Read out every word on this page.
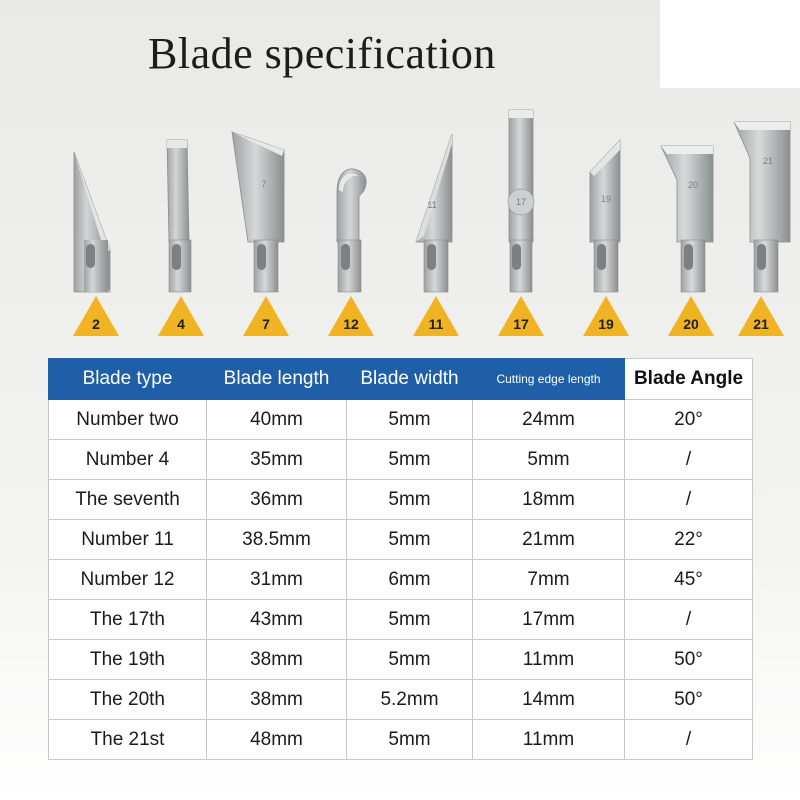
Blade specification
7
11	17	19
20
21
2	4	7	12	11	17	19	20	21
Blade type	Blade length	Blade width	Cutting edge length	Blade Angle
Number two	40mm	5mm	24mm	20°
Number 4	35mm	5mm	5mm	/
The seventh	36mm	5mm	18mm	/
Number 11	38.5mm	5mm	21mm	22°
Number 12	31mm	6mm	7mm	45°
The 17th	43mm	5mm	17mm	/
The 19th	38mm	5mm	11mm	50°
The 20th	38mm	5.2mm	14mm	50°
The 21st	48mm	5mm	11mm	/
